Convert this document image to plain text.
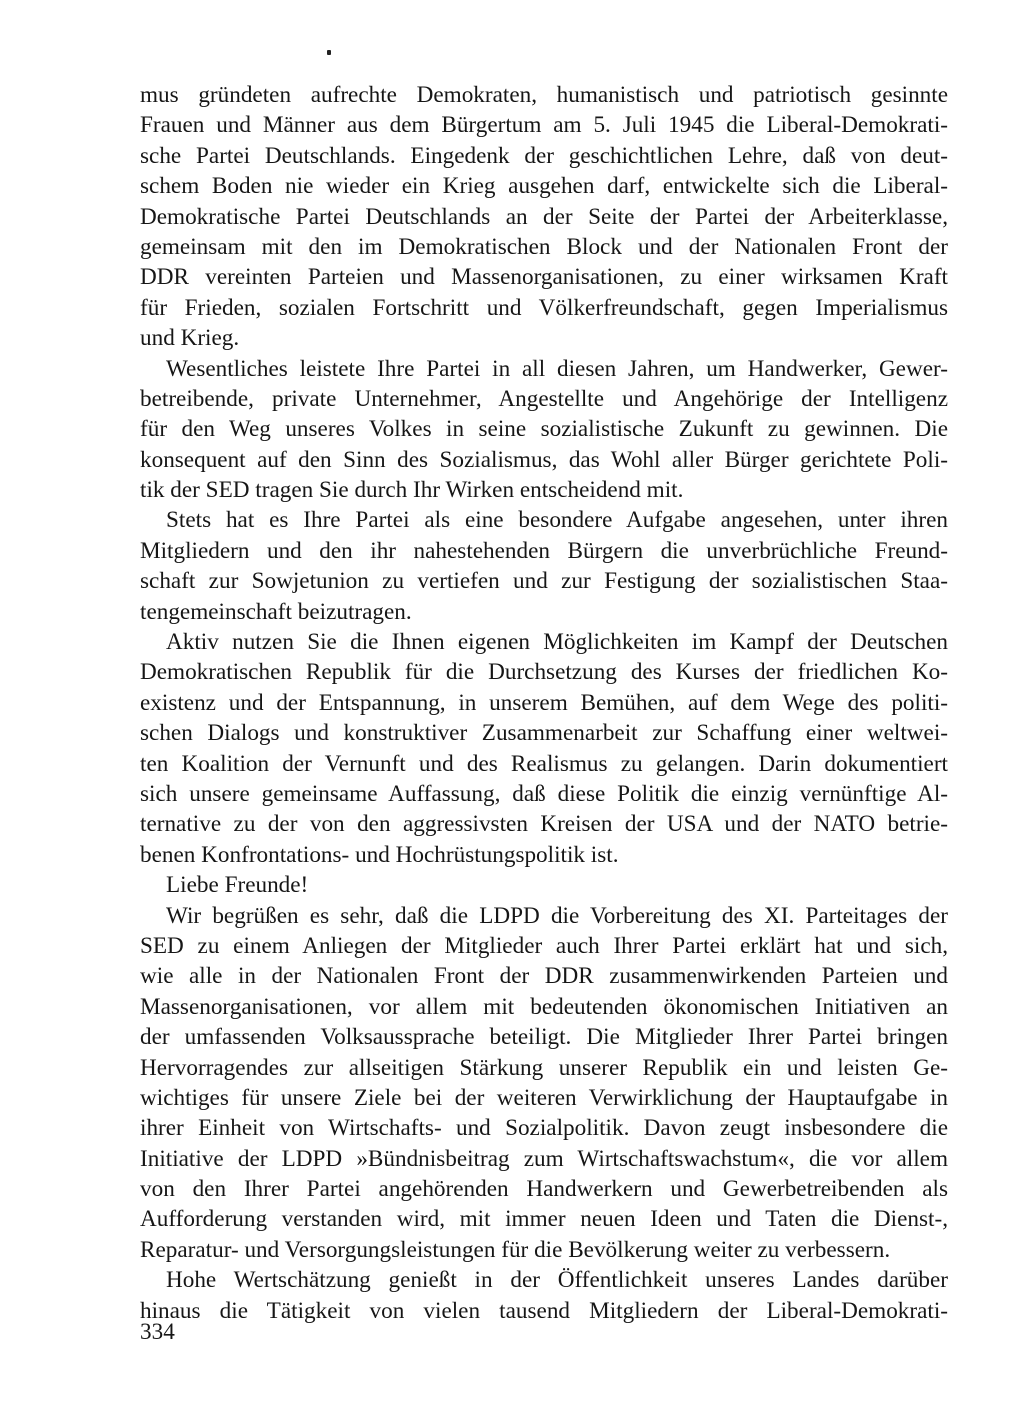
mus gründeten aufrechte Demokraten, humanistisch und patriotisch gesinnte
Frauen und Männer aus dem Bürgertum am 5. Juli 1945 die Liberal-Demokrati-
sche Partei Deutschlands. Eingedenk der geschichtlichen Lehre, daß von deut-
schem Boden nie wieder ein Krieg ausgehen darf, entwickelte sich die Liberal-
Demokratische Partei Deutschlands an der Seite der Partei der Arbeiterklasse,
gemeinsam mit den im Demokratischen Block und der Nationalen Front der
DDR vereinten Parteien und Massenorganisationen, zu einer wirksamen Kraft
für Frieden, sozialen Fortschritt und Völkerfreundschaft, gegen Imperialismus
und Krieg.
Wesentliches leistete Ihre Partei in all diesen Jahren, um Handwerker, Gewer-
betreibende, private Unternehmer, Angestellte und Angehörige der Intelligenz
für den Weg unseres Volkes in seine sozialistische Zukunft zu gewinnen. Die
konsequent auf den Sinn des Sozialismus, das Wohl aller Bürger gerichtete Poli-
tik der SED tragen Sie durch Ihr Wirken entscheidend mit.
Stets hat es Ihre Partei als eine besondere Aufgabe angesehen, unter ihren
Mitgliedern und den ihr nahestehenden Bürgern die unverbrüchliche Freund-
schaft zur Sowjetunion zu vertiefen und zur Festigung der sozialistischen Staa-
tengemeinschaft beizutragen.
Aktiv nutzen Sie die Ihnen eigenen Möglichkeiten im Kampf der Deutschen
Demokratischen Republik für die Durchsetzung des Kurses der friedlichen Ko-
existenz und der Entspannung, in unserem Bemühen, auf dem Wege des politi-
schen Dialogs und konstruktiver Zusammenarbeit zur Schaffung einer weltwei-
ten Koalition der Vernunft und des Realismus zu gelangen. Darin dokumentiert
sich unsere gemeinsame Auffassung, daß diese Politik die einzig vernünftige Al-
ternative zu der von den aggressivsten Kreisen der USA und der NATO betrie-
benen Konfrontations- und Hochrüstungspolitik ist.
Liebe Freunde!
Wir begrüßen es sehr, daß die LDPD die Vorbereitung des XI. Parteitages der
SED zu einem Anliegen der Mitglieder auch Ihrer Partei erklärt hat und sich,
wie alle in der Nationalen Front der DDR zusammenwirkenden Parteien und
Massenorganisationen, vor allem mit bedeutenden ökonomischen Initiativen an
der umfassenden Volksaussprache beteiligt. Die Mitglieder Ihrer Partei bringen
Hervorragendes zur allseitigen Stärkung unserer Republik ein und leisten Ge-
wichtiges für unsere Ziele bei der weiteren Verwirklichung der Hauptaufgabe in
ihrer Einheit von Wirtschafts- und Sozialpolitik. Davon zeugt insbesondere die
Initiative der LDPD »Bündnisbeitrag zum Wirtschaftswachstum«, die vor allem
von den Ihrer Partei angehörenden Handwerkern und Gewerbetreibenden als
Aufforderung verstanden wird, mit immer neuen Ideen und Taten die Dienst-,
Reparatur- und Versorgungsleistungen für die Bevölkerung weiter zu verbessern.
Hohe Wertschätzung genießt in der Öffentlichkeit unseres Landes darüber
hinaus die Tätigkeit von vielen tausend Mitgliedern der Liberal-Demokrati-
334
